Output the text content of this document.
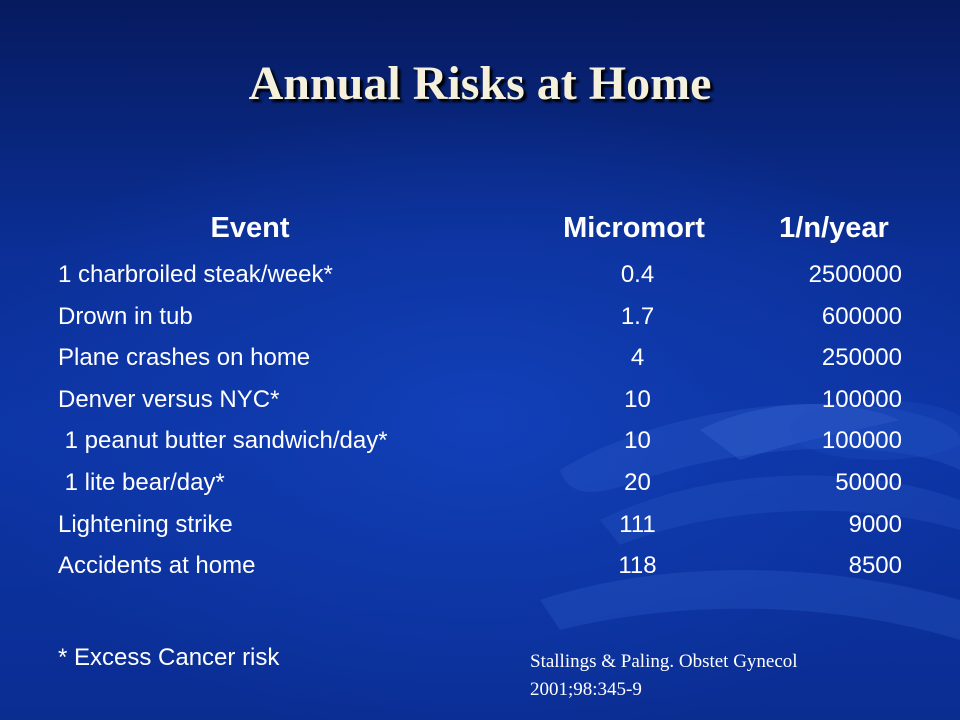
Annual Risks at Home
Event	Micromort	1/n/year
1 charbroiled steak/week*	0.4	2500000
Drown in tub	1.7	600000
Plane crashes on home	4	250000
Denver versus NYC*	10	100000
1 peanut butter sandwich/day*	10	100000
1 lite bear/day*	20	50000
Lightening strike	111	9000
Accidents at home	118	8500
* Excess Cancer risk	Stallings & Paling. Obstet Gynecol
2001;98:345-9
